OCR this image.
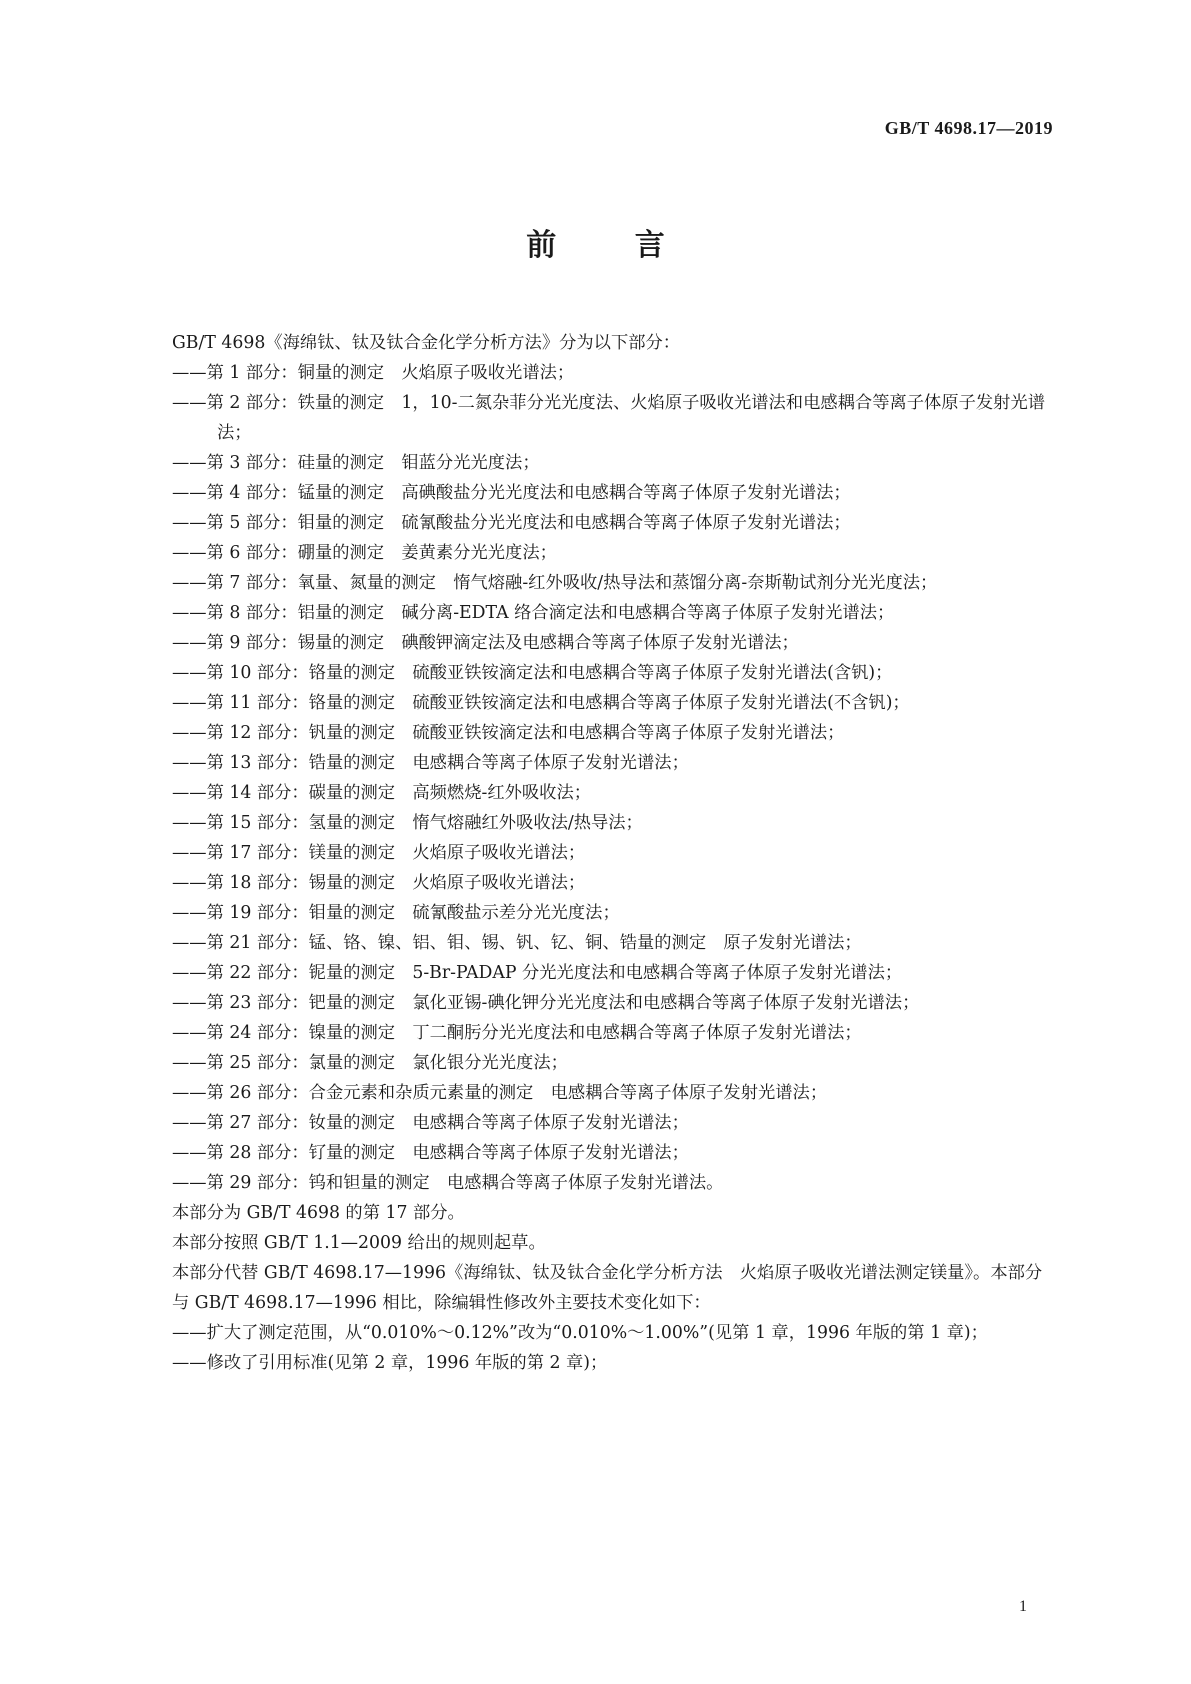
GB/T 4698.17—2019
前 言
GB/T 4698《海绵钛、钛及钛合金化学分析方法》分为以下部分：
——第 1 部分：铜量的测定　火焰原子吸收光谱法；
——第 2 部分：铁量的测定　1，10-二氮杂菲分光光度法、火焰原子吸收光谱法和电感耦合等离子体原子发射光谱法；
——第 3 部分：硅量的测定　钼蓝分光光度法；
——第 4 部分：锰量的测定　高碘酸盐分光光度法和电感耦合等离子体原子发射光谱法；
——第 5 部分：钼量的测定　硫氰酸盐分光光度法和电感耦合等离子体原子发射光谱法；
——第 6 部分：硼量的测定　姜黄素分光光度法；
——第 7 部分：氧量、氮量的测定　惰气熔融-红外吸收/热导法和蒸馏分离-奈斯勒试剂分光光度法；
——第 8 部分：铝量的测定　碱分离-EDTA 络合滴定法和电感耦合等离子体原子发射光谱法；
——第 9 部分：锡量的测定　碘酸钾滴定法及电感耦合等离子体原子发射光谱法；
——第 10 部分：铬量的测定　硫酸亚铁铵滴定法和电感耦合等离子体原子发射光谱法(含钒)；
——第 11 部分：铬量的测定　硫酸亚铁铵滴定法和电感耦合等离子体原子发射光谱法(不含钒)；
——第 12 部分：钒量的测定　硫酸亚铁铵滴定法和电感耦合等离子体原子发射光谱法；
——第 13 部分：锆量的测定　电感耦合等离子体原子发射光谱法；
——第 14 部分：碳量的测定　高频燃烧-红外吸收法；
——第 15 部分：氢量的测定　惰气熔融红外吸收法/热导法；
——第 17 部分：镁量的测定　火焰原子吸收光谱法；
——第 18 部分：锡量的测定　火焰原子吸收光谱法；
——第 19 部分：钼量的测定　硫氰酸盐示差分光光度法；
——第 21 部分：锰、铬、镍、铝、钼、锡、钒、钇、铜、锆量的测定　原子发射光谱法；
——第 22 部分：铌量的测定　5-Br-PADAP 分光光度法和电感耦合等离子体原子发射光谱法；
——第 23 部分：钯量的测定　氯化亚锡-碘化钾分光光度法和电感耦合等离子体原子发射光谱法；
——第 24 部分：镍量的测定　丁二酮肟分光光度法和电感耦合等离子体原子发射光谱法；
——第 25 部分：氯量的测定　氯化银分光光度法；
——第 26 部分：合金元素和杂质元素量的测定　电感耦合等离子体原子发射光谱法；
——第 27 部分：钕量的测定　电感耦合等离子体原子发射光谱法；
——第 28 部分：钌量的测定　电感耦合等离子体原子发射光谱法；
——第 29 部分：钨和钽量的测定　电感耦合等离子体原子发射光谱法。
本部分为 GB/T 4698 的第 17 部分。
本部分按照 GB/T 1.1—2009 给出的规则起草。
本部分代替 GB/T 4698.17—1996《海绵钛、钛及钛合金化学分析方法　火焰原子吸收光谱法测定镁量》。本部分与 GB/T 4698.17—1996 相比，除编辑性修改外主要技术变化如下：
——扩大了测定范围，从“0.010%～0.12%”改为“0.010%～1.00%”(见第 1 章，1996 年版的第 1 章)；
——修改了引用标准(见第 2 章，1996 年版的第 2 章)；
1
